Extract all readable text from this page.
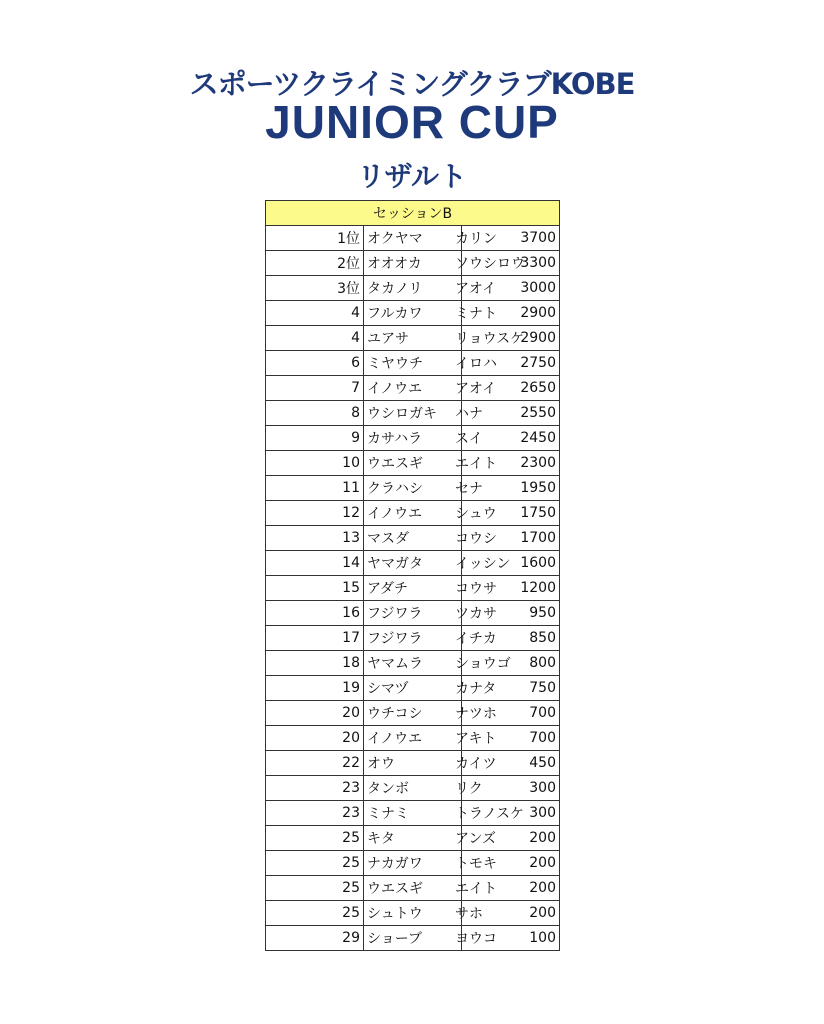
スポーツクライミングクラブKOBE
JUNIOR CUP
リザルト
セッションB		
1位	オクヤマ カリン	3700
2位	オオオカ ソウシロウ	3300
3位	タカノリ アオイ	3000
4	フルカワ ミナト	2900
4	ユアサ リョウスケ	2900
6	ミヤウチ イロハ	2750
7	イノウエ アオイ	2650
8	ウシロガキ ハナ	2550
9	カサハラ スイ	2450
10	ウエスギ エイト	2300
11	クラハシ セナ	1950
12	イノウエ シュウ	1750
13	マスダ コウシ	1700
14	ヤマガタ イッシン	1600
15	アダチ コウサ	1200
16	フジワラ ツカサ	950
17	フジワラ イチカ	850
18	ヤマムラ ショウゴ	800
19	シマヅ カナタ	750
20	ウチコシ ナツホ	700
20	イノウエ アキト	700
22	オウ カイツ	450
23	タンボ リク	300
23	ミナミ トラノスケ	300
25	キタ アンズ	200
25	ナカガワ トモキ	200
25	ウエスギ エイト	200
25	シュトウ サホ	200
29	ショーブ ヨウコ	100
